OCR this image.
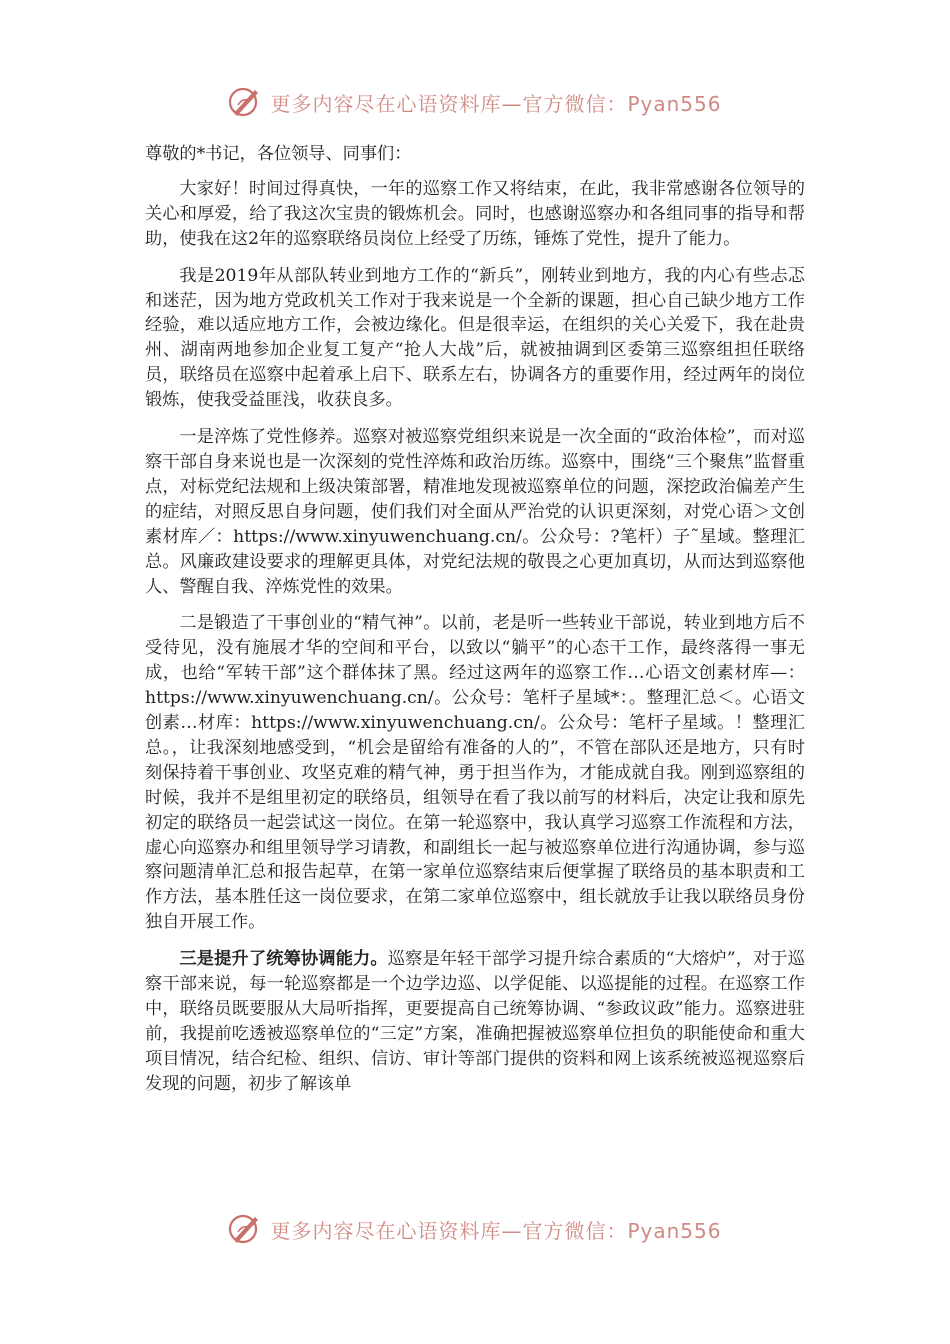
更多内容尽在心语资料库—官方微信：Pyan556

尊敬的*书记，各位领导、同事们：

大家好！时间过得真快，一年的巡察工作又将结束，在此，我非常感谢各位领导的关心和厚爱，给了我这次宝贵的锻炼机会。同时，也感谢巡察办和各组同事的指导和帮助，使我在这2年的巡察联络员岗位上经受了历练，锤炼了党性，提升了能力。

我是2019年从部队转业到地方工作的“新兵”，刚转业到地方，我的内心有些忐忑和迷茫，因为地方党政机关工作对于我来说是一个全新的课题，担心自己缺少地方工作经验，难以适应地方工作，会被边缘化。但是很幸运，在组织的关心关爱下，我在赴贵州、湖南两地参加企业复工复产“抢人大战”后，就被抽调到区委第三巡察组担任联络员，联络员在巡察中起着承上启下、联系左右，协调各方的重要作用，经过两年的岗位锻炼，使我受益匪浅，收获良多。

一是淬炼了党性修养。巡察对被巡察党组织来说是一次全面的“政治体检”，而对巡察干部自身来说也是一次深刻的党性淬炼和政治历练。巡察中，围绕“三个聚焦”监督重点，对标党纪法规和上级决策部署，精准地发现被巡察单位的问题，深挖政治偏差产生的症结，对照反思自身问题，使们我们对全面从严治党的认识更深刻，对党心语＞文创素材库／：https://www.xinyuwenchuang.cn/。公众号：?笔杆）子˜星域。整理汇总。风廉政建设要求的理解更具体，对党纪法规的敬畏之心更加真切，从而达到巡察他人、警醒自我、淬炼党性的效果。

二是锻造了干事创业的“精气神”。以前，老是听一些转业干部说，转业到地方后不受待见，没有施展才华的空间和平台，以致以“躺平”的心态干工作，最终落得一事无成，也给“军转干部”这个群体抹了黑。经过这两年的巡察工作…心语文创素材库—：https://www.xinyuwenchuang.cn/。公众号：笔杆子星域*：。整理汇总＜。心语文创素…材库：https://www.xinyuwenchuang.cn/。公众号：笔杆子星域。！整理汇总。，让我深刻地感受到，“机会是留给有准备的人的”，不管在部队还是地方，只有时刻保持着干事创业、攻坚克难的精气神，勇于担当作为，才能成就自我。刚到巡察组的时候，我并不是组里初定的联络员，组领导在看了我以前写的材料后，决定让我和原先初定的联络员一起尝试这一岗位。在第一轮巡察中，我认真学习巡察工作流程和方法，虚心向巡察办和组里领导学习请教，和副组长一起与被巡察单位进行沟通协调，参与巡察问题清单汇总和报告起草，在第一家单位巡察结束后便掌握了联络员的基本职责和工作方法，基本胜任这一岗位要求，在第二家单位巡察中，组长就放手让我以联络员身份独自开展工作。

三是提升了统筹协调能力。巡察是年轻干部学习提升综合素质的“大熔炉”，对于巡察干部来说，每一轮巡察都是一个边学边巡、以学促能、以巡提能的过程。在巡察工作中，联络员既要服从大局听指挥，更要提高自己统筹协调、“参政议政”能力。巡察进驻前，我提前吃透被巡察单位的“三定”方案，准确把握被巡察单位担负的职能使命和重大项目情况，结合纪检、组织、信访、审计等部门提供的资料和网上该系统被巡视巡察后发现的问题，初步了解该单

更多内容尽在心语资料库—官方微信：Pyan556
